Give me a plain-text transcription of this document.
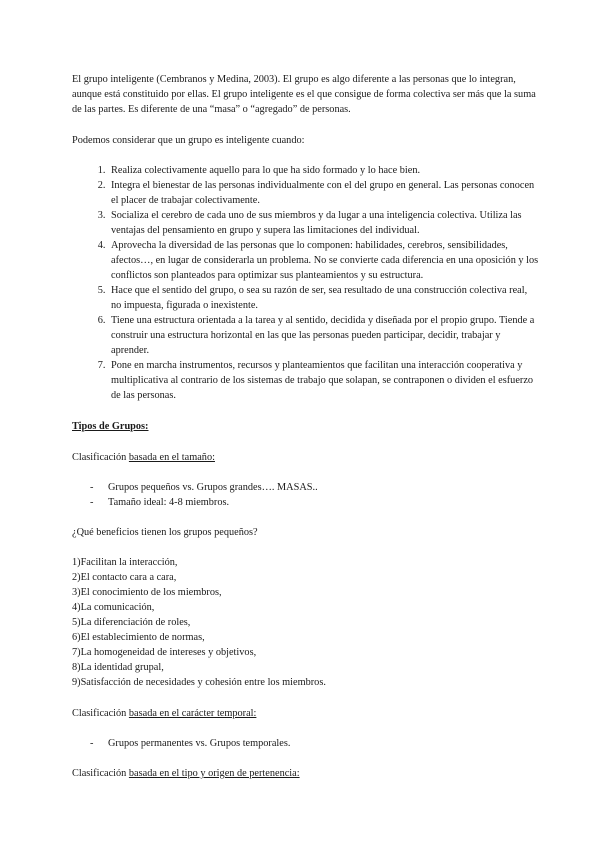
El grupo inteligente (Cembranos y Medina, 2003). El grupo es algo diferente a las personas que lo integran, aunque está constituido por ellas. El grupo inteligente es el que consigue de forma colectiva ser más que la suma de las partes. Es diferente de una “masa” o “agregado” de personas.

Podemos considerar que un grupo es inteligente cuando:

1. Realiza colectivamente aquello para lo que ha sido formado y lo hace bien.
2. Integra el bienestar de las personas individualmente con el del grupo en general. Las personas conocen el placer de trabajar colectivamente.
3. Socializa el cerebro de cada uno de sus miembros y da lugar a una inteligencia colectiva. Utiliza las ventajas del pensamiento en grupo y supera las limitaciones del individual.
4. Aprovecha la diversidad de las personas que lo componen: habilidades, cerebros, sensibilidades, afectos…, en lugar de considerarla un problema. No se convierte cada diferencia en una oposición y los conflictos son planteados para optimizar sus planteamientos y su estructura.
5. Hace que el sentido del grupo, o sea su razón de ser, sea resultado de una construcción colectiva real, no impuesta, figurada o inexistente.
6. Tiene una estructura orientada a la tarea y al sentido, decidida y diseñada por el propio grupo. Tiende a construir una estructura horizontal en las que las personas pueden participar, decidir, trabajar y aprender.
7. Pone en marcha instrumentos, recursos y planteamientos que facilitan una interacción cooperativa y multiplicativa al contrario de los sistemas de trabajo que solapan, se contraponen o dividen el esfuerzo de las personas.

Tipos de Grupos:

Clasificación basada en el tamaño:

- Grupos pequeños vs. Grupos grandes…. MASAS..
- Tamaño ideal: 4-8 miembros.

¿Qué beneficios tienen los grupos pequeños?

1)Facilitan la interacción,

2)El contacto cara a cara,

3)El conocimiento de los miembros,

4)La comunicación,

5)La diferenciación de roles,

6)El establecimiento de normas,

7)La homogeneidad de intereses y objetivos,

8)La identidad grupal,

9)Satisfacción de necesidades y cohesión entre los miembros.

Clasificación basada en el carácter temporal:

- Grupos permanentes vs. Grupos temporales.

Clasificación basada en el tipo y origen de pertenencia:
